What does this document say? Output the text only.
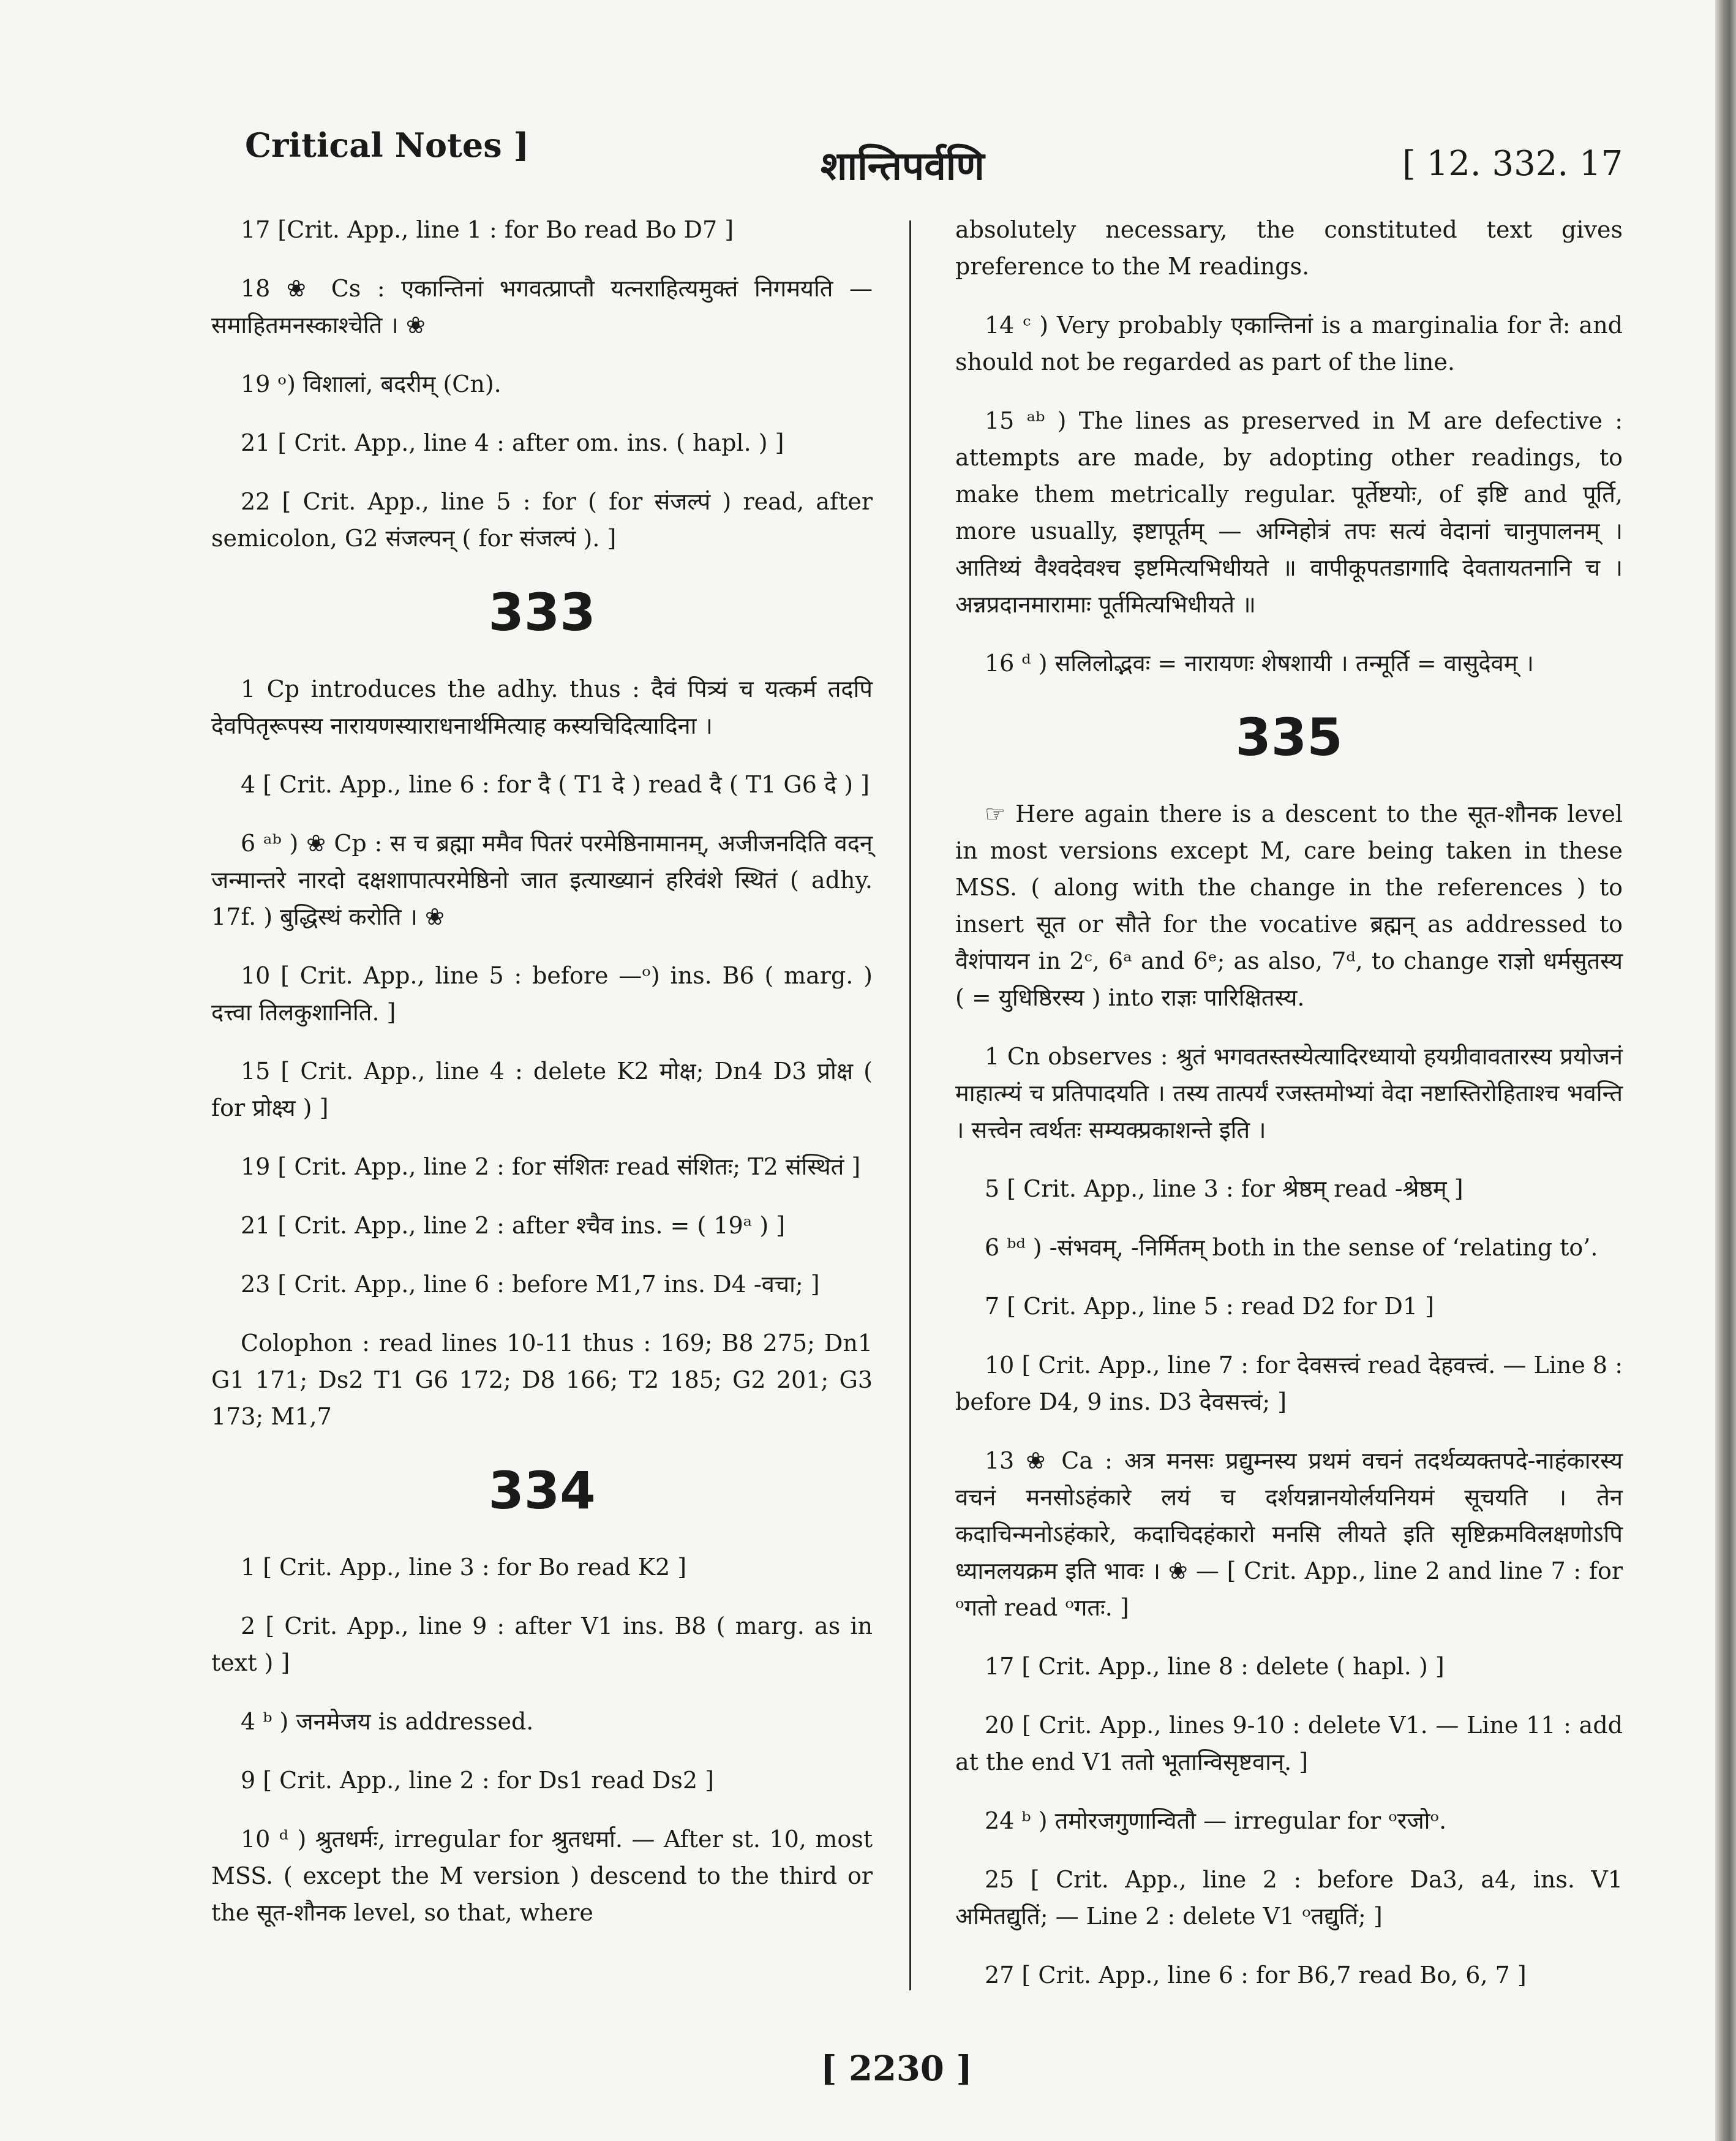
Critical Notes ]	शान्तिपर्वणि	[ 12. 332. 17
17 [Crit. App., line 1 : for Bo read Bo D7 ]
18 ❀ Cs : एकान्तिनां भगवत्प्राप्तौ यत्नराहित्यमुक्तं निगमयति — समाहितमनस्काश्चेति । ❀
19 ᵒ) विशालां, बदरीम् (Cn).
21 [ Crit. App., line 4 : after om. ins. ( hapl. ) ]
22 [ Crit. App., line 5 : for ( for संजल्पं ) read, after semicolon, G2 संजल्पन् ( for संजल्पं ). ]
333
1 Cp introduces the adhy. thus : दैवं पित्र्यं च यत्कर्म तदपि देवपितृरूपस्य नारायणस्याराधनार्थमित्याह कस्यचिदित्यादिना ।
4 [ Crit. App., line 6 : for दै ( T1 दे ) read दै ( T1 G6 दे ) ]
6 ᵃᵇ ) ❀ Cp : स च ब्रह्मा ममैव पितरं परमेष्ठिनामानम्, अजीजनदिति वदन् जन्मान्तरे नारदो दक्षशापात्परमेष्ठिनो जात इत्याख्यानं हरिवंशे स्थितं ( adhy. 17f. ) बुद्धिस्थं करोति । ❀
10 [ Crit. App., line 5 : before —ᵒ) ins. B6 ( marg. ) दत्त्वा तिलकुशानिति. ]
15 [ Crit. App., line 4 : delete K2 मोक्ष; Dn4 D3 प्रोक्ष ( for प्रोक्ष्य ) ]
19 [ Crit. App., line 2 : for संशितः read संशितः; T2 संस्थितं ]
21 [ Crit. App., line 2 : after श्चैव ins. = ( 19ᵃ ) ]
23 [ Crit. App., line 6 : before M1,7 ins. D4 -वचा; ]
Colophon : read lines 10-11 thus : 169; B8 275; Dn1 G1 171; Ds2 T1 G6 172; D8 166; T2 185; G2 201; G3 173; M1,7
334
1 [ Crit. App., line 3 : for Bo read K2 ]
2 [ Crit. App., line 9 : after V1 ins. B8 ( marg. as in text ) ]
4 ᵇ ) जनमेजय is addressed.
9 [ Crit. App., line 2 : for Ds1 read Ds2 ]
10 ᵈ ) श्रुतधर्मः, irregular for श्रुतधर्मा. — After st. 10, most MSS. ( except the M version ) descend to the third or the सूत-शौनक level, so that, where
absolutely necessary, the constituted text gives preference to the M readings.
14 ᶜ ) Very probably एकान्तिनां is a marginalia for ते: and should not be regarded as part of the line.
15 ᵃᵇ ) The lines as preserved in M are defective : attempts are made, by adopting other readings, to make them metrically regular. पूर्तेष्टयोः, of इष्टि and पूर्ति, more usually, इष्टापूर्तम् — अग्निहोत्रं तपः सत्यं वेदानां चानुपालनम् । आतिथ्यं वैश्वदेवश्च इष्टमित्यभिधीयते ॥ वापीकूपतडागादि देवतायतनानि च । अन्नप्रदानमारामाः पूर्तमित्यभिधीयते ॥
16 ᵈ ) सलिलोद्भवः = नारायणः शेषशायी । तन्मूर्ति = वासुदेवम् ।
335
☞ Here again there is a descent to the सूत-शौनक level in most versions except M, care being taken in these MSS. ( along with the change in the references ) to insert सूत or सौते for the vocative ब्रह्मन् as addressed to वैशंपायन in 2ᶜ, 6ᵃ and 6ᵉ; as also, 7ᵈ, to change राज्ञो धर्मसुतस्य ( = युधिष्ठिरस्य ) into राज्ञः पारिक्षितस्य.
1 Cn observes : श्रुतं भगवतस्तस्येत्यादिरध्यायो हयग्रीवावतारस्य प्रयोजनं माहात्म्यं च प्रतिपादयति । तस्य तात्पर्यं रजस्तमोभ्यां वेदा नष्टास्तिरोहिताश्च भवन्ति । सत्त्वेन त्वर्थतः सम्यक्प्रकाशन्ते इति ।
5 [ Crit. App., line 3 : for श्रेष्ठम् read -श्रेष्ठम् ]
6 ᵇᵈ ) -संभवम्, -निर्मितम् both in the sense of ‘relating to’.
7 [ Crit. App., line 5 : read D2 for D1 ]
10 [ Crit. App., line 7 : for देवसत्त्वं read देहवत्त्वं. — Line 8 : before D4, 9 ins. D3 देवसत्त्वं; ]
13 ❀ Ca : अत्र मनसः प्रद्युम्नस्य प्रथमं वचनं तदर्थव्यक्तपदे-नाहंकारस्य वचनं मनसोऽहंकारे लयं च दर्शयन्नानयोर्लयनियमं सूचयति । तेन कदाचिन्मनोऽहंकारे, कदाचिदहंकारो मनसि लीयते इति सृष्टिक्रमविलक्षणोऽपि ध्यानलयक्रम इति भावः । ❀ — [ Crit. App., line 2 and line 7 : for ᵒगतो read ᵒगतः. ]
17 [ Crit. App., line 8 : delete ( hapl. ) ]
20 [ Crit. App., lines 9-10 : delete V1. — Line 11 : add at the end V1 ततो भूतान्विसृष्टवान्. ]
24 ᵇ ) तमोरजगुणान्वितौ — irregular for ᵒरजोᵒ.
25 [ Crit. App., line 2 : before Da3, a4, ins. V1 अमितद्युतिं; — Line 2 : delete V1 ᵒतद्युतिं; ]
27 [ Crit. App., line 6 : for B6,7 read Bo, 6, 7 ]
[ 2230 ]
